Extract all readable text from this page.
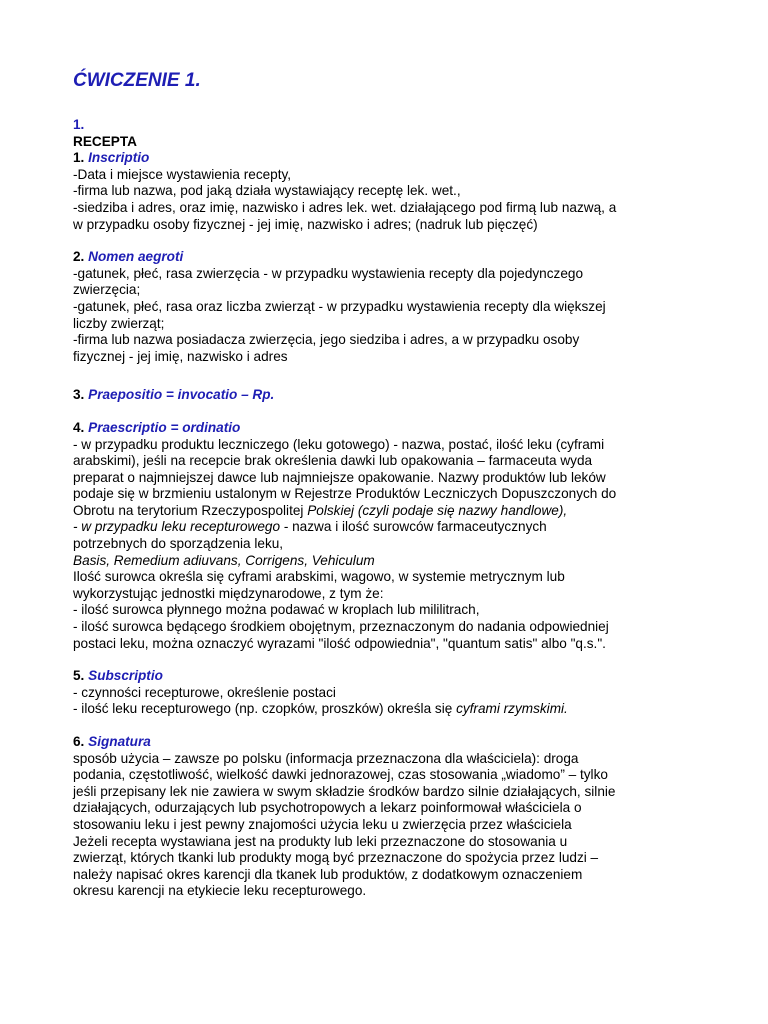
ĆWICZENIE 1.
1.
RECEPTA
1. Inscriptio
-Data i miejsce wystawienia recepty,
-firma lub nazwa, pod jaką działa wystawiający receptę lek. wet.,
-siedziba i adres, oraz imię, nazwisko i adres lek. wet. działającego pod firmą lub nazwą, a
w przypadku osoby fizycznej - jej imię, nazwisko i adres; (nadruk lub pięczęć)
2. Nomen aegroti
-gatunek, płeć, rasa zwierzęcia - w przypadku wystawienia recepty dla pojedynczego
zwierzęcia;
-gatunek, płeć, rasa oraz liczba zwierząt - w przypadku wystawienia recepty dla większej
liczby zwierząt;
-firma lub nazwa posiadacza zwierzęcia, jego siedziba i adres, a w przypadku osoby
fizycznej - jej imię, nazwisko i adres
3. Praepositio = invocatio – Rp.
4. Praescriptio = ordinatio
- w przypadku produktu leczniczego (leku gotowego) - nazwa, postać, ilość leku (cyframi
arabskimi), jeśli na recepcie brak określenia dawki lub opakowania – farmaceuta wyda
preparat o najmniejszej dawce lub najmniejsze opakowanie. Nazwy produktów lub leków
podaje się w brzmieniu ustalonym w Rejestrze Produktów Leczniczych Dopuszczonych do
Obrotu na terytorium Rzeczypospolitej Polskiej (czyli podaje się nazwy handlowe),
- w przypadku leku recepturowego - nazwa i ilość surowców farmaceutycznych
potrzebnych do sporządzenia leku,
Basis, Remedium adiuvans, Corrigens, Vehiculum
Ilość surowca określa się cyframi arabskimi, wagowo, w systemie metrycznym lub
wykorzystując jednostki międzynarodowe, z tym że:
- ilość surowca płynnego można podawać w kroplach lub mililitrach,
- ilość surowca będącego środkiem obojętnym, przeznaczonym do nadania odpowiedniej
postaci leku, można oznaczyć wyrazami "ilość odpowiednia", "quantum satis" albo "q.s.".
5. Subscriptio
- czynności recepturowe, określenie postaci
- ilość leku recepturowego (np. czopków, proszków) określa się cyframi rzymskimi.
6. Signatura
sposób użycia – zawsze po polsku (informacja przeznaczona dla właściciela): droga
podania, częstotliwość, wielkość dawki jednorazowej, czas stosowania „wiadomo” – tylko
jeśli przepisany lek nie zawiera w swym składzie środków bardzo silnie działających, silnie
działających, odurzających lub psychotropowych a lekarz poinformował właściciela o
stosowaniu leku i jest pewny znajomości użycia leku u zwierzęcia przez właściciela
Jeżeli recepta wystawiana jest na produkty lub leki przeznaczone do stosowania u
zwierząt, których tkanki lub produkty mogą być przeznaczone do spożycia przez ludzi –
należy napisać okres karencji dla tkanek lub produktów, z dodatkowym oznaczeniem
okresu karencji na etykiecie leku recepturowego.
